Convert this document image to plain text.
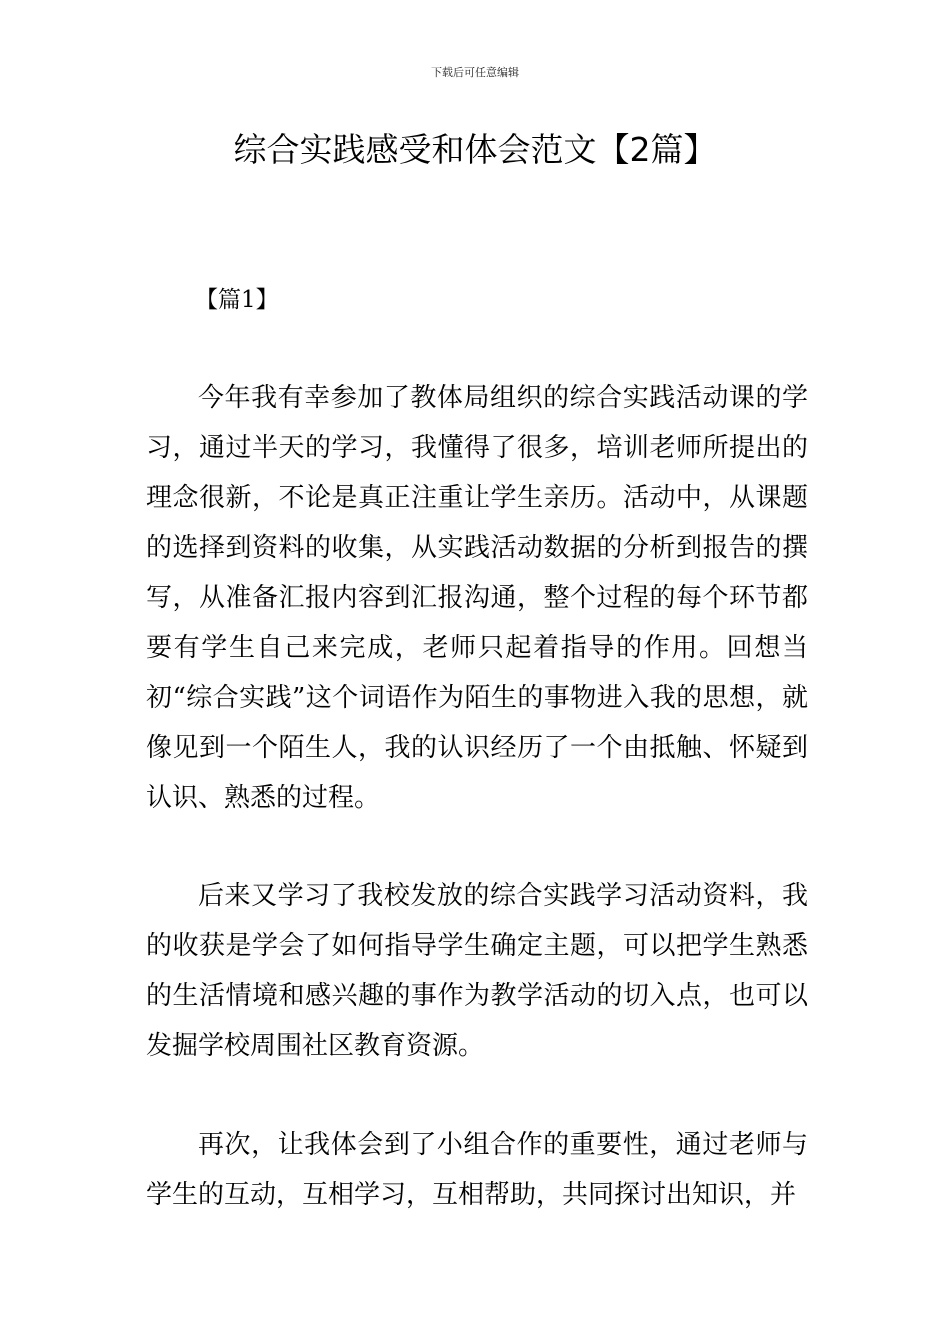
下载后可任意编辑
综合实践感受和体会范文【2篇】
【篇1】

今年我有幸参加了教体局组织的综合实践活动课的学习，通过半天的学习，我懂得了很多，培训老师所提出的理念很新，不论是真正注重让学生亲历。活动中，从课题的选择到资料的收集，从实践活动数据的分析到报告的撰写，从准备汇报内容到汇报沟通，整个过程的每个环节都要有学生自己来完成，老师只起着指导的作用。回想当初“综合实践”这个词语作为陌生的事物进入我的思想，就像见到一个陌生人，我的认识经历了一个由抵触、怀疑到认识、熟悉的过程。

后来又学习了我校发放的综合实践学习活动资料，我的收获是学会了如何指导学生确定主题，可以把学生熟悉的生活情境和感兴趣的事作为教学活动的切入点，也可以发掘学校周围社区教育资源。

再次，让我体会到了小组合作的重要性，通过老师与学生的互动，互相学习，互相帮助，共同探讨出知识，并
